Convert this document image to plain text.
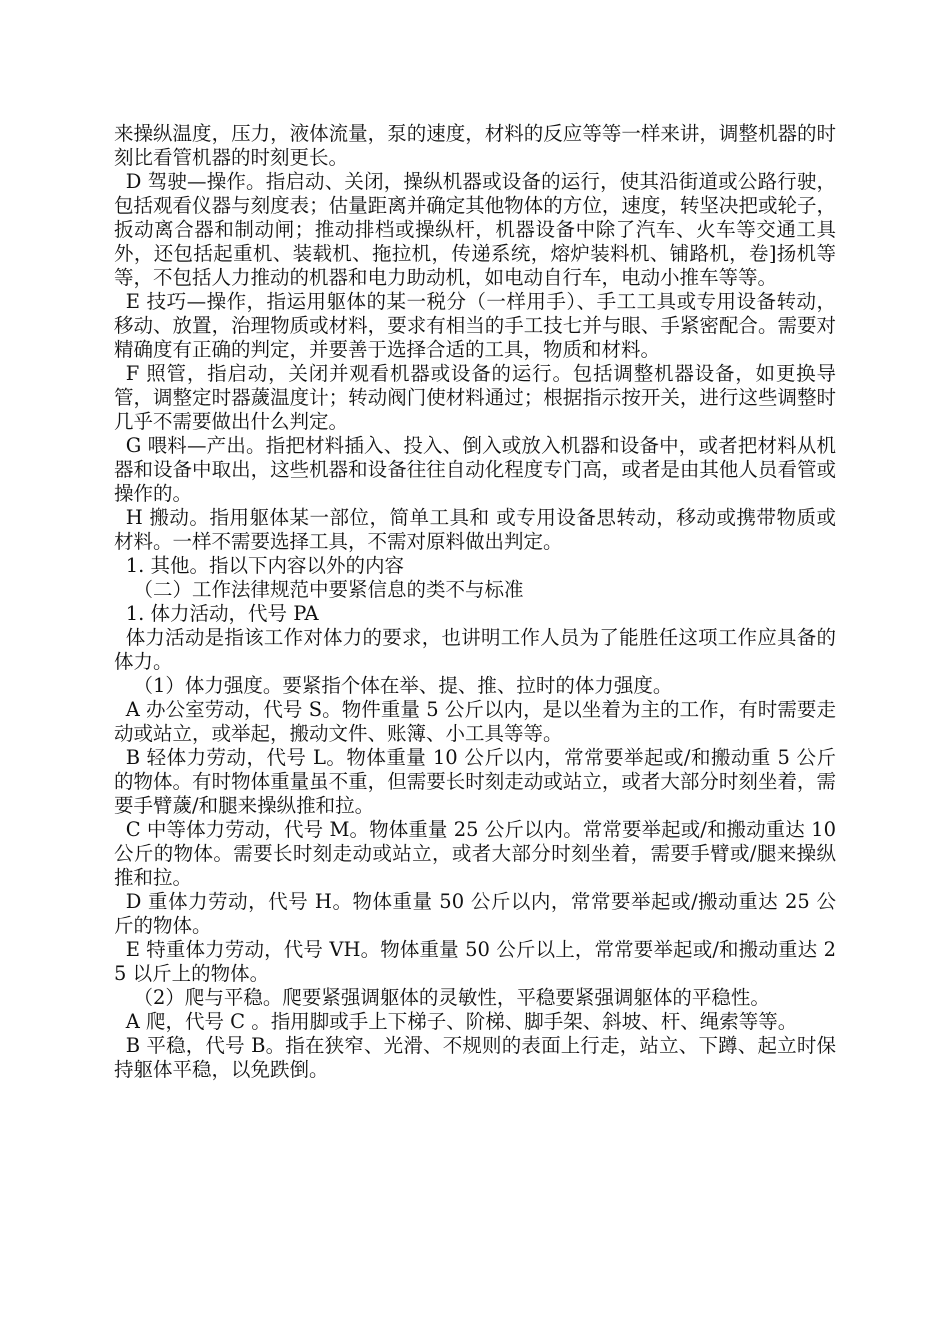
来操纵温度，压力，液体流量，泵的速度，材料的反应等等一样来讲，调整机器的时刻比看管机器的时刻更长。

D 驾驶—操作。指启动、关闭，操纵机器或设备的运行，使其沿街道或公路行驶，包括观看仪器与刻度表；估量距离并确定其他物体的方位，速度，转坚决把或轮子，扳动离合器和制动闸；推动排档或操纵杆，机器设备中除了汽车、火车等交通工具外，还包括起重机、装载机、拖拉机，传递系统，熔炉装料机、铺路机，卷]扬机等等，不包括人力推动的机器和电力助动机，如电动自行车，电动小推车等等。

E 技巧—操作，指运用躯体的某一税分（一样用手）、手工工具或专用设备转动，移动、放置，治理物质或材料，要求有相当的手工技七并与眼、手紧密配合。需要对精确度有正确的判定，并要善于选择合适的工具，物质和材料。

F 照管，指启动，关闭并观看机器或设备的运行。包括调整机器设备，如更换导管，调整定时器薉温度计；转动阀门使材料通过；根据指示按开关，进行这些调整时几乎不需要做出什么判定。

G 喂料—产出。指把材料插入、投入、倒入或放入机器和设备中，或者把材料从机器和设备中取出，这些机器和设备往往自动化程度专门高，或者是由其他人员看管或操作的。

H 搬动。指用躯体某一部位，简单工具和 或专用设备思转动，移动或携带物质或材料。一样不需要选择工具，不需对原料做出判定。

1. 其他。指以下内容以外的内容

（二）工作法律规范中要紧信息的类不与标准

1. 体力活动，代号 PA

体力活动是指该工作对体力的要求，也讲明工作人员为了能胜任这项工作应具备的体力。

（1）体力强度。要紧指个体在举、提、推、拉时的体力强度。

A 办公室劳动，代号 S。物件重量 5 公斤以内，是以坐着为主的工作，有时需要走动或站立，或举起，搬动文件、账簿、小工具等等。

B 轻体力劳动，代号 L。物体重量 10 公斤以内，常常要举起或/和搬动重 5 公斤的物体。有时物体重量虽不重，但需要长时刻走动或站立，或者大部分时刻坐着，需要手臂薉/和腿来操纵推和拉。

C 中等体力劳动，代号 M。物体重量 25 公斤以内。常常要举起或/和搬动重达 10 公斤的物体。需要长时刻走动或站立，或者大部分时刻坐着，需要手臂或/腿来操纵推和拉。

D 重体力劳动，代号 H。物体重量 50 公斤以内，常常要举起或/搬动重达 25 公斤的物体。

E 特重体力劳动，代号 VH。物体重量 50 公斤以上，常常要举起或/和搬动重达 25 以斤上的物体。

（2）爬与平稳。爬要紧强调躯体的灵敏性，平稳要紧强调躯体的平稳性。

A 爬，代号 C 。指用脚或手上下梯子、阶梯、脚手架、斜坡、杆、绳索等等。

B 平稳，代号 B。指在狭窄、光滑、不规则的表面上行走，站立、下蹲、起立时保持躯体平稳，以免跌倒。
